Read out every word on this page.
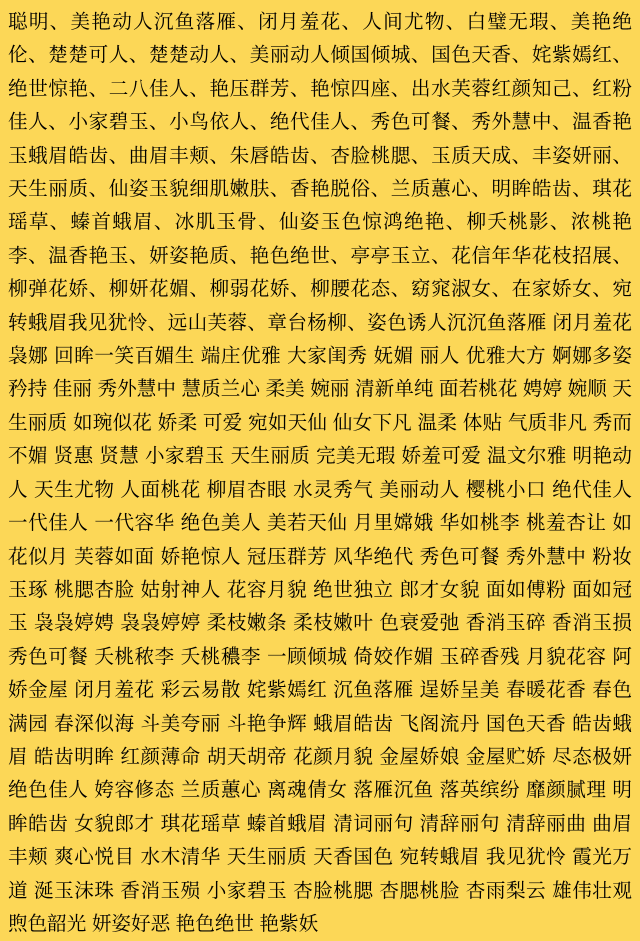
聪明、美艳动人沉鱼落雁、闭月羞花、人间尤物、白璧无瑕、美艳绝伦、楚楚可人、楚楚动人、美丽动人倾国倾城、国色天香、姹紫嫣红、绝世惊艳、二八佳人、艳压群芳、艳惊四座、出水芙蓉红颜知己、红粉佳人、小家碧玉、小鸟依人、绝代佳人、秀色可餐、秀外慧中、温香艳玉蛾眉皓齿、曲眉丰颊、朱唇皓齿、杏脸桃腮、玉质天成、丰姿妍丽、天生丽质、仙姿玉貌细肌嫩肤、香艳脱俗、兰质蕙心、明眸皓齿、琪花瑶草、螓首蛾眉、冰肌玉骨、仙姿玉色惊鸿绝艳、柳夭桃影、浓桃艳李、温香艳玉、妍姿艳质、艳色绝世、亭亭玉立、花信年华花枝招展、柳弹花娇、柳妍花媚、柳弱花娇、柳腰花态、窈窕淑女、在家娇女、宛转蛾眉我见犹怜、远山芙蓉、章台杨柳、姿色诱人沉沉鱼落雁 闭月羞花 袅娜 回眸一笑百媚生 端庄优雅 大家闺秀 妩媚 丽人 优雅大方 婀娜多姿 矜持 佳丽 秀外慧中 慧质兰心 柔美 婉丽 清新单纯 面若桃花 娉婷 婉顺 天生丽质 如琬似花 娇柔 可爱 宛如天仙 仙女下凡 温柔 体贴 气质非凡 秀而不媚 贤惠 贤慧 小家碧玉 天生丽质 完美无瑕 娇羞可爱 温文尔雅 明艳动人 天生尤物 人面桃花 柳眉杏眼 水灵秀气 美丽动人 樱桃小口 绝代佳人 一代佳人 一代容华 绝色美人 美若天仙 月里嫦娥 华如桃李 桃羞杏让 如花似月 芙蓉如面 娇艳惊人 冠压群芳 风华绝代 秀色可餐 秀外慧中 粉妆玉琢 桃腮杏脸 姑射神人 花容月貌 绝世独立 郎才女貌 面如傅粉 面如冠玉 袅袅婷娉 袅袅婷婷 柔枝嫩条 柔枝嫩叶 色衰爱弛 香消玉碎 香消玉损 秀色可餐 夭桃秾李 夭桃穠李 一顾倾城 倚姣作媚 玉碎香残 月貌花容 阿娇金屋 闭月羞花 彩云易散 姹紫嫣红 沉鱼落雁 逞娇呈美 春暖花香 春色满园 春深似海 斗美夸丽 斗艳争辉 蛾眉皓齿 飞阁流丹 国色天香 皓齿蛾眉 皓齿明眸 红颜薄命 胡天胡帝 花颜月貌 金屋娇娘 金屋贮娇 尽态极妍 绝色佳人 姱容修态 兰质蕙心 离魂倩女 落雁沉鱼 落英缤纷 靡颜腻理 明眸皓齿 女貌郎才 琪花瑶草 螓首蛾眉 清词丽句 清辞丽句 清辞丽曲 曲眉丰颊 爽心悦目 水木清华 天生丽质 天香国色 宛转蛾眉 我见犹怜 霞光万道 涎玉沫珠 香消玉殒 小家碧玉 杏脸桃腮 杏腮桃脸 杏雨梨云 雄伟壮观 煦色韶光 妍姿好恶 艳色绝世 艳紫妖
